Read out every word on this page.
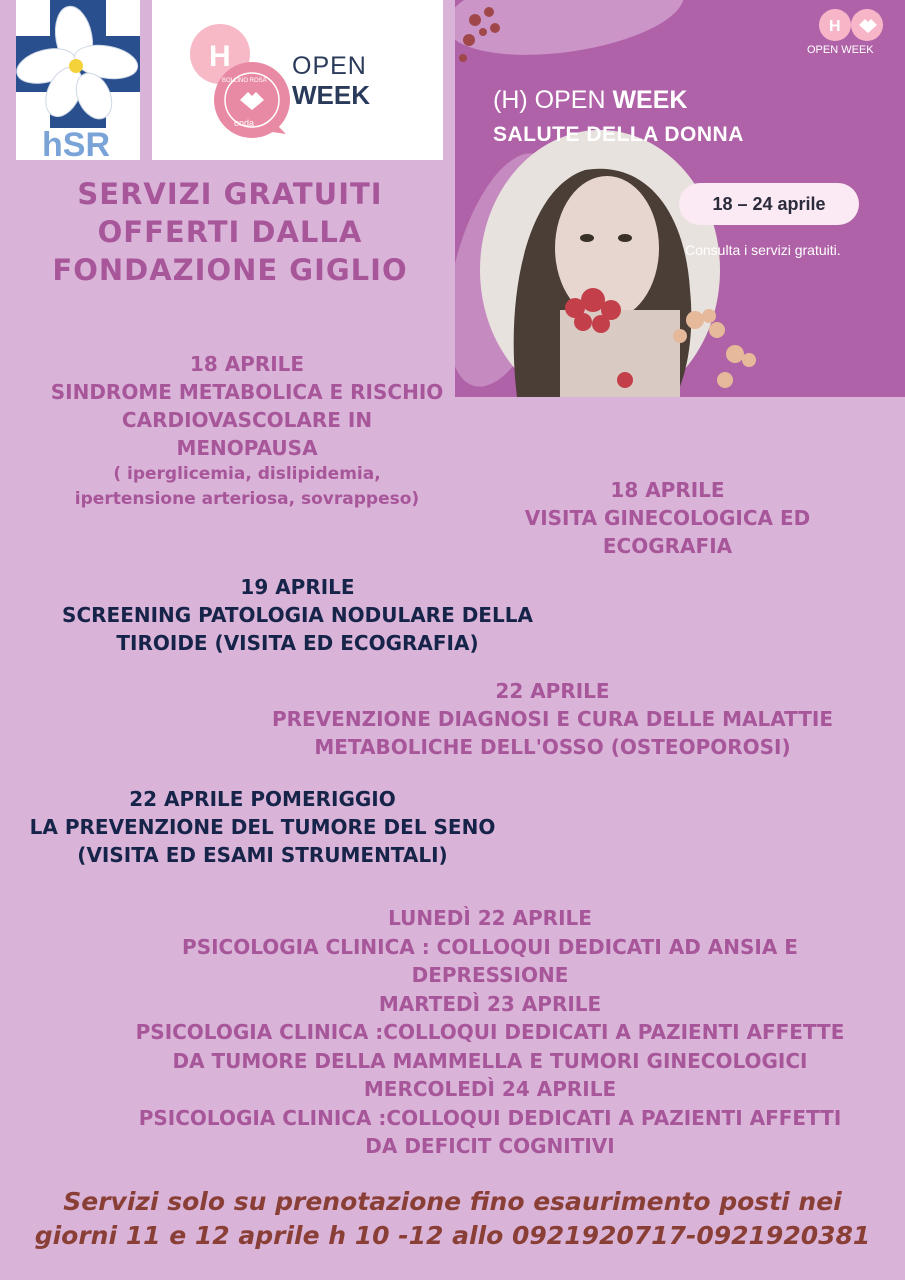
hSR
H
onda
BOLLINO ROSA
OPEN
WEEK
H
OPEN WEEK
(H) OPEN WEEK
SALUTE DELLA DONNA
18 – 24 aprile
Consulta i servizi gratuiti.
SERVIZI GRATUITI
OFFERTI DALLA
FONDAZIONE GIGLIO
18 APRILE
SINDROME METABOLICA E RISCHIO
CARDIOVASCOLARE IN
MENOPAUSA
( iperglicemia, dislipidemia,
ipertensione arteriosa, sovrappeso)	18 APRILE
VISITA GINECOLOGICA ED
ECOGRAFIA
19 APRILE
SCREENING PATOLOGIA NODULARE DELLA
TIROIDE (VISITA ED ECOGRAFIA)
22 APRILE
PREVENZIONE DIAGNOSI E CURA DELLE MALATTIE
METABOLICHE DELL'OSSO (OSTEOPOROSI)
22 APRILE POMERIGGIO
LA PREVENZIONE DEL TUMORE DEL SENO
(VISITA ED ESAMI STRUMENTALI)
LUNEDÌ 22 APRILE
PSICOLOGIA CLINICA : COLLOQUI DEDICATI AD ANSIA E
DEPRESSIONE
MARTEDÌ 23 APRILE
PSICOLOGIA CLINICA :COLLOQUI DEDICATI A PAZIENTI AFFETTE
DA TUMORE DELLA MAMMELLA E TUMORI GINECOLOGICI
MERCOLEDÌ 24 APRILE
PSICOLOGIA CLINICA :COLLOQUI DEDICATI A PAZIENTI AFFETTI
DA DEFICIT COGNITIVI
Servizi solo su prenotazione fino esaurimento posti nei
giorni 11 e 12 aprile h 10 -12 allo 0921920717-0921920381
